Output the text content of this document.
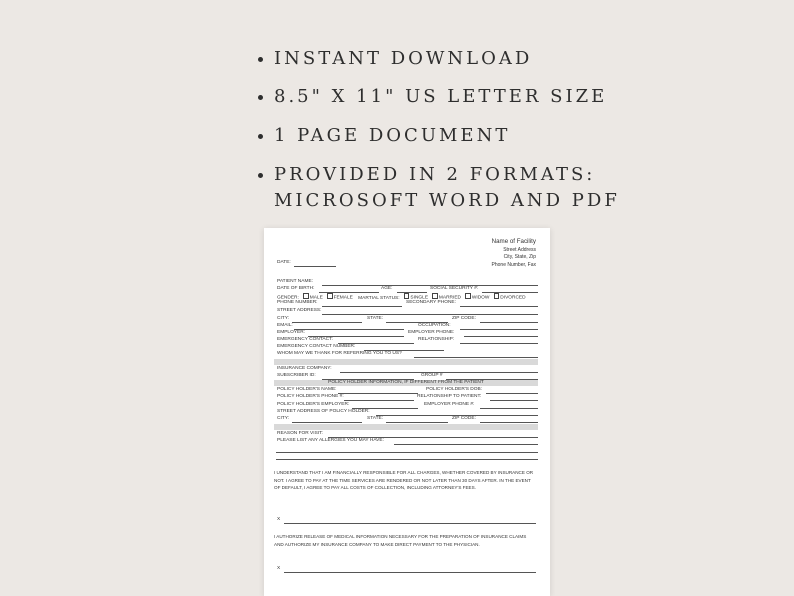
INSTANT DOWNLOAD
8.5" X 11" US LETTER SIZE
1 PAGE DOCUMENT
PROVIDED IN 2 FORMATS:
MICROSOFT WORD AND PDF
Name of Facility
Street Address
City, State, Zip
Phone Number, Fax
DATE:
PATIENT NAME:
DATE OF BIRTH:	AGE:	SOCIAL SECURITY #:
GENDER: MALE FEMALE MARTIAL STATUS: SINGLE MARRIED WIDOW DIVORCED
PHONE NUMBER:	SECONDARY PHONE:
STREET ADDRESS:
CITY:	STATE:	ZIP CODE:
EMAIL:	OCCUPATION:
EMPLOYER:	EMPLOYER PHONE:
EMERGENCY CONTACT:	RELATIONSHIP:
EMERGENCY CONTACT NUMBER:
WHOM MAY WE THANK FOR REFERRING YOU TO US?
INSURANCE COMPANY:
SUBSCRIBER ID:	GROUP #
POLICY HOLDER INFORMATION, IF DIFFERENT FROM THE PATIENT
POLICY HOLDER'S NAME:	POLICY HOLDER'S DOB:
POLICY HOLDER'S PHONE #:	RELATIONSHIP TO PATIENT:
POLICY HOLDER'S EMPLOYER:	EMPLOYER PHONE #:
STREET ADDRESS OF POLICY HOLDER:
CITY:	STATE:	ZIP CODE:
REASON FOR VISIT:
PLEASE LIST ANY ALLERGIES YOU MAY HAVE:
I UNDERSTAND THAT I AM FINANCIALLY RESPONSIBLE FOR ALL CHARGES, WHETHER COVERED BY INSURANCE OR NOT. I AGREE TO PAY AT THE TIME SERVICES ARE RENDERED OR NOT LATER THAN 30 DAYS AFTER. IN THE EVENT OF DEFAULT, I AGREE TO PAY ALL COSTS OF COLLECTION, INCLUDING ATTORNEY'S FEES.
X
I AUTHORIZE RELEASE OF MEDICAL INFORMATION NECESSARY FOR THE PREPARATION OF INSURANCE CLAIMS AND AUTHORIZE MY INSURANCE COMPANY TO MAKE DIRECT PAYMENT TO THE PHYSICIAN.
X
